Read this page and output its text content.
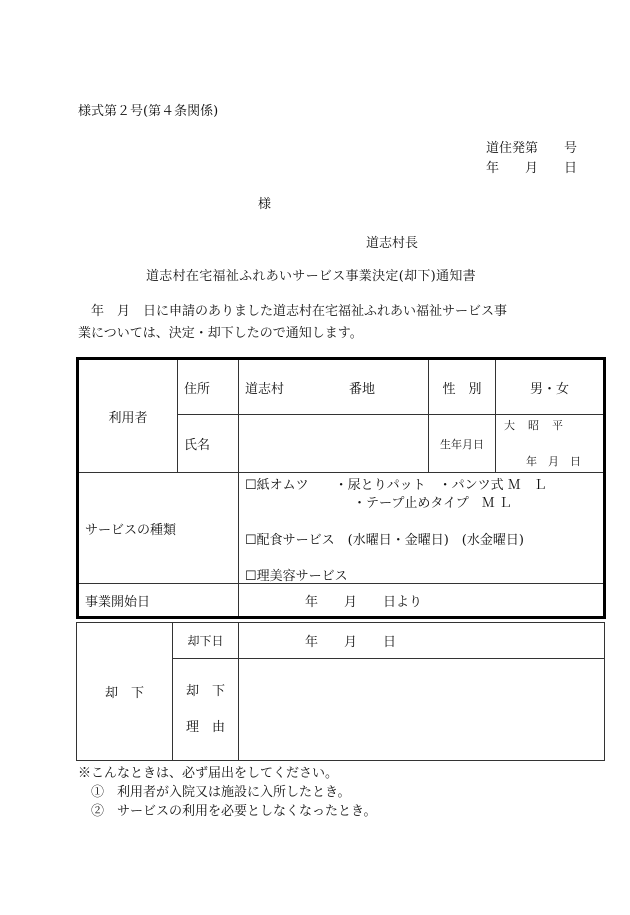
様式第２号(第４条関係)
道住発第　　号
年　　月　　日
様
道志村長
道志村在宅福祉ふれあいサービス事業決定(却下)通知書
　年　月　日に申請のありました道志村在宅福祉ふれあい福祉サービス事
業については、決定・却下したので通知します。
利用者	住所	道志村　　　　　番地	性　別	男・女
	氏名		生年月日	大　昭　平
年　月　日

サービスの種類		☐紙オムツ　　・尿とりパット　・パンツ式 Ｍ　Ｌ
・テープ止めタイプ　Ｍ Ｌ
☐配食サービス　(水曜日・金曜日)　(水金曜日)
☐理美容サービス		

事業開始日		年　　月　　日より		
却　下	却下日	年　　月　　日

	却　下
理　由	

※こんなときは、必ず届出をしてください。
　①　利用者が入院又は施設に入所したとき。
　②　サービスの利用を必要としなくなったとき。
